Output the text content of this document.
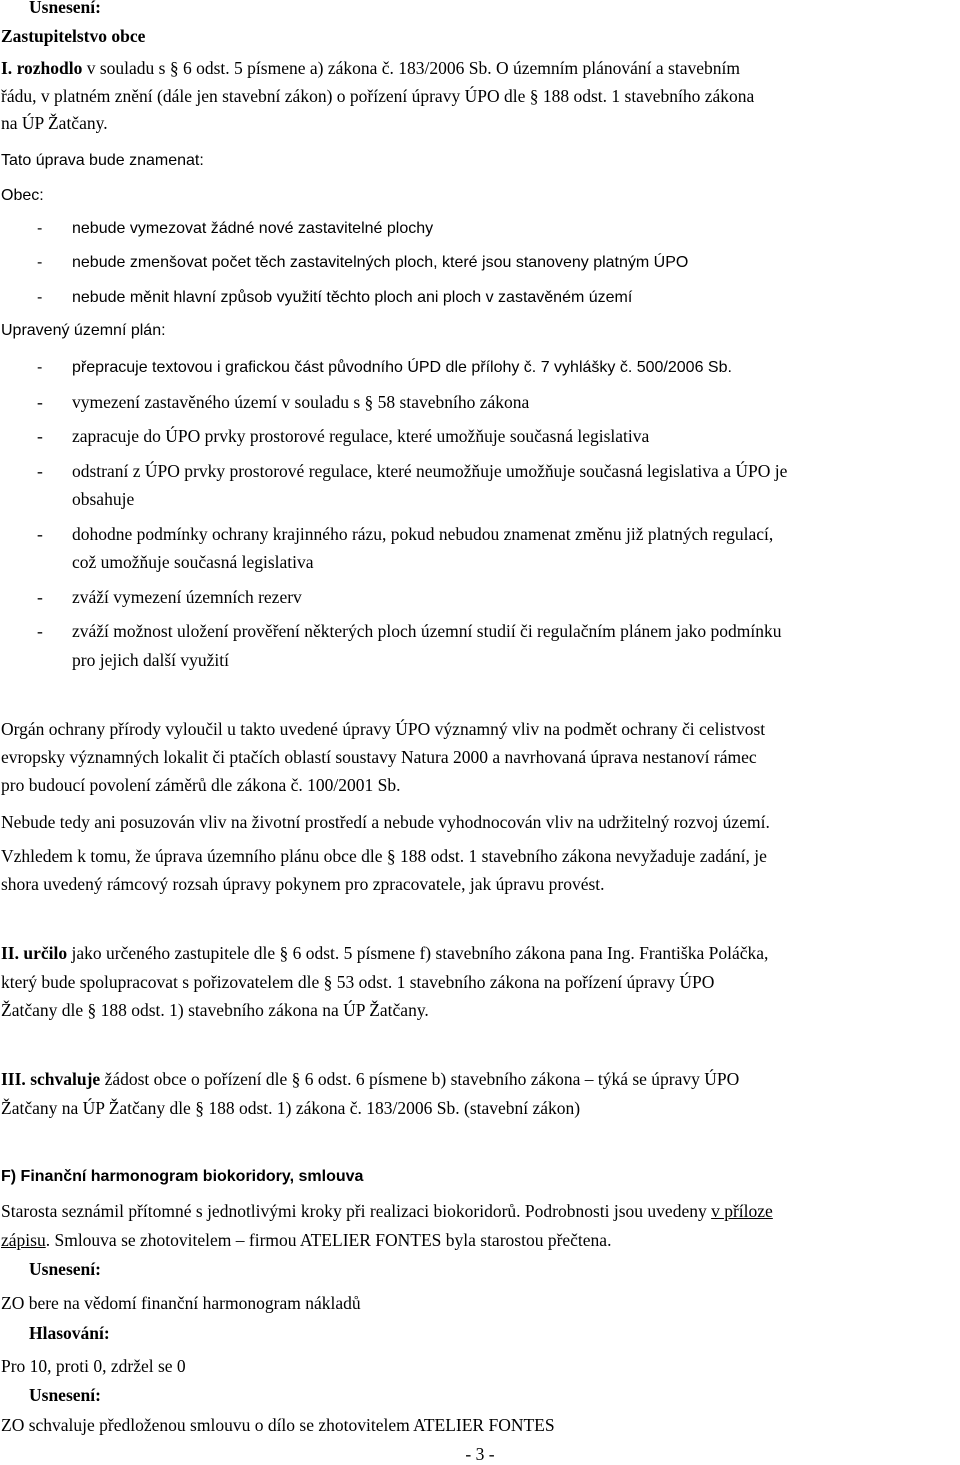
Usnesení:
Zastupitelstvo obce
I. rozhodlo v souladu s § 6 odst. 5 písmene a) zákona č. 183/2006 Sb. O územním plánování a stavebním
řádu, v platném znění (dále jen stavební zákon) o pořízení úpravy ÚPO dle § 188 odst. 1 stavebního zákona
na ÚP Žatčany.
Tato úprava bude znamenat:
Obec:
- nebude vymezovat žádné nové zastavitelné plochy
- nebude zmenšovat počet těch zastavitelných ploch, které jsou stanoveny platným ÚPO
- nebude měnit hlavní způsob využití těchto ploch ani ploch v zastavěném území
Upravený územní plán:
- přepracuje textovou i grafickou část původního ÚPD dle přílohy č. 7 vyhlášky č. 500/2006 Sb.
- vymezení zastavěného území v souladu s § 58 stavebního zákona
- zapracuje do ÚPO prvky prostorové regulace, které umožňuje současná legislativa
- odstraní z ÚPO prvky prostorové regulace, které neumožňuje umožňuje současná legislativa a ÚPO je
obsahuje
- dohodne podmínky ochrany krajinného rázu, pokud nebudou znamenat změnu již platných regulací,
což umožňuje současná legislativa
- zváží vymezení územních rezerv
- zváží možnost uložení prověření některých ploch územní studií či regulačním plánem jako podmínku
pro jejich další využití
Orgán ochrany přírody vyloučil u takto uvedené úpravy ÚPO významný vliv na podmět ochrany či celistvost
evropsky významných lokalit či ptačích oblastí soustavy Natura 2000 a navrhovaná úprava nestanoví rámec
pro budoucí povolení záměrů dle zákona č. 100/2001 Sb.
Nebude tedy ani posuzován vliv na životní prostředí a nebude vyhodnocován vliv na udržitelný rozvoj území.
Vzhledem k tomu, že úprava územního plánu obce dle § 188 odst. 1 stavebního zákona nevyžaduje zadání, je
shora uvedený rámcový rozsah úpravy pokynem pro zpracovatele, jak úpravu provést.
II. určilo jako určeného zastupitele dle § 6 odst. 5 písmene f) stavebního zákona pana Ing. Františka Poláčka,
který bude spolupracovat s pořizovatelem dle § 53 odst. 1 stavebního zákona na pořízení úpravy ÚPO
Žatčany dle § 188 odst. 1) stavebního zákona na ÚP Žatčany.
III. schvaluje žádost obce o pořízení dle § 6 odst. 6 písmene b) stavebního zákona – týká se úpravy ÚPO
Žatčany na ÚP Žatčany dle § 188 odst. 1) zákona č. 183/2006 Sb. (stavební zákon)
F) Finanční harmonogram biokoridory, smlouva
Starosta seznámil přítomné s jednotlivými kroky při realizaci biokoridorů. Podrobnosti jsou uvedeny v příloze
zápisu. Smlouva se zhotovitelem – firmou ATELIER FONTES byla starostou přečtena.
Usnesení:
ZO bere na vědomí finanční harmonogram nákladů
Hlasování:
Pro 10, proti 0, zdržel se 0
Usnesení:
ZO schvaluje předloženou smlouvu o dílo se zhotovitelem ATELIER FONTES
- 3 -
